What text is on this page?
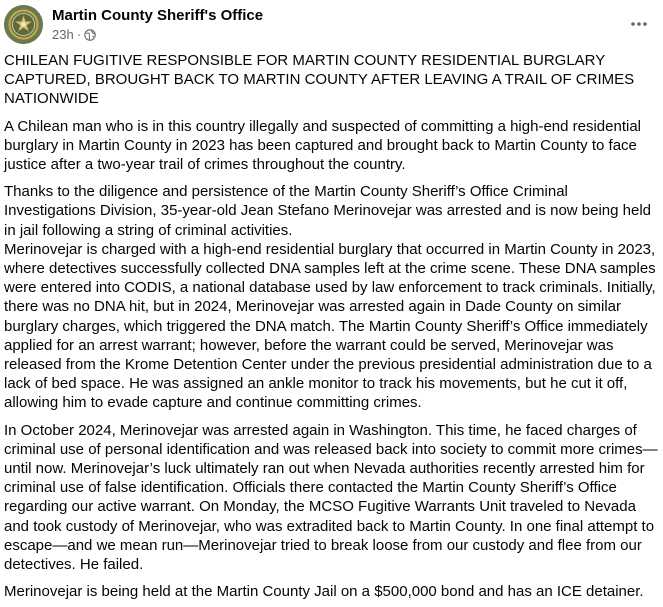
Martin County Sheriff's Office
23h ·

CHILEAN FUGITIVE RESPONSIBLE FOR MARTIN COUNTY RESIDENTIAL BURGLARY CAPTURED, BROUGHT BACK TO MARTIN COUNTY AFTER LEAVING A TRAIL OF CRIMES NATIONWIDE

A Chilean man who is in this country illegally and suspected of committing a high-end residential burglary in Martin County in 2023 has been captured and brought back to Martin County to face justice after a two-year trail of crimes throughout the country.

Thanks to the diligence and persistence of the Martin County Sheriff’s Office Criminal Investigations Division, 35-year-old Jean Stefano Merinovejar was arrested and is now being held in jail following a string of criminal activities.

Merinovejar is charged with a high-end residential burglary that occurred in Martin County in 2023, where detectives successfully collected DNA samples left at the crime scene. These DNA samples were entered into CODIS, a national database used by law enforcement to track criminals. Initially, there was no DNA hit, but in 2024, Merinovejar was arrested again in Dade County on similar burglary charges, which triggered the DNA match. The Martin County Sheriff’s Office immediately applied for an arrest warrant; however, before the warrant could be served, Merinovejar was released from the Krome Detention Center under the previous presidential administration due to a lack of bed space. He was assigned an ankle monitor to track his movements, but he cut it off, allowing him to evade capture and continue committing crimes.

In October 2024, Merinovejar was arrested again in Washington. This time, he faced charges of criminal use of personal identification and was released back into society to commit more crimes—until now. Merinovejar’s luck ultimately ran out when Nevada authorities recently arrested him for criminal use of false identification. Officials there contacted the Martin County Sheriff’s Office regarding our active warrant. On Monday, the MCSO Fugitive Warrants Unit traveled to Nevada and took custody of Merinovejar, who was extradited back to Martin County. In one final attempt to escape—and we mean run—Merinovejar tried to break loose from our custody and flee from our detectives. He failed.

Merinovejar is being held at the Martin County Jail on a $500,000 bond and has an ICE detainer.
